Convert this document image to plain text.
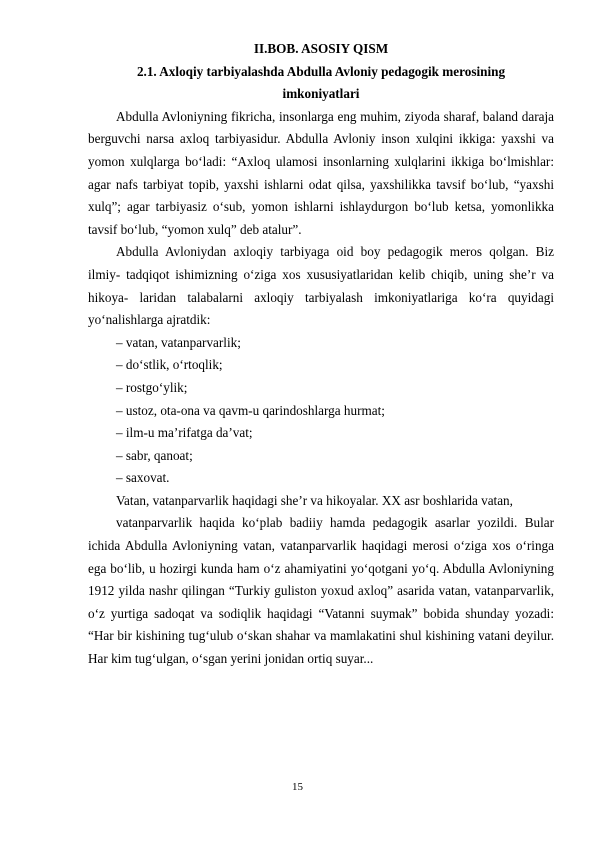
II.BOB. ASOSIY QISM
2.1. Axloqiy tarbiyalashda Abdulla Avloniy pedagogik merosining
imkoniyatlari

Abdulla Avloniyning fikricha, insonlarga eng muhim, ziyoda sharaf, baland daraja berguvchi narsa axloq tarbiyasidur. Abdulla Avloniy inson xulqini ikkiga: yaxshi va yomon xulqlarga bo‘ladi: “Axloq ulamosi insonlarning xulqlarini ikkiga bo‘lmishlar: agar nafs tarbiyat topib, yaxshi ishlarni odat qilsa, yaxshilikka tavsif bo‘lub, “yaxshi xulq”; agar tarbiyasiz o‘sub, yomon ishlarni ishlaydurgon bo‘lub ketsa, yomonlikka tavsif bo‘lub, “yomon xulq” deb atalur”.

Abdulla Avloniydan axloqiy tarbiyaga oid boy pedagogik meros qolgan. Biz ilmiy- tadqiqot ishimizning o‘ziga xos xususiyatlaridan kelib chiqib, uning she’r va hikoya- laridan talabalarni axloqiy tarbiyalash imkoniyatlariga ko‘ra quyidagi yo‘nalishlarga ajratdik:

– vatan, vatanparvarlik;
– do‘stlik, o‘rtoqlik;
– rostgo‘ylik;
– ustoz, ota-ona va qavm-u qarindoshlarga hurmat;
– ilm-u ma’rifatga da’vat;
– sabr, qanoat;
– saxovat.

Vatan, vatanparvarlik haqidagi she’r va hikoyalar. XX asr boshlarida vatan,

vatanparvarlik haqida ko‘plab badiiy hamda pedagogik asarlar yozildi. Bular ichida Abdulla Avloniyning vatan, vatanparvarlik haqidagi merosi o‘ziga xos o‘ringa ega bo‘lib, u hozirgi kunda ham o‘z ahamiyatini yo‘qotgani yo‘q. Abdulla Avloniyning 1912 yilda nashr qilingan “Turkiy guliston yoxud axloq” asarida vatan, vatanparvarlik, o‘z yurtiga sadoqat va sodiqlik haqidagi “Vatanni suymak” bobida shunday yozadi: “Har bir kishining tug‘ulub o‘skan shahar va mamlakatini shul kishining vatani deyilur. Har kim tug‘ulgan, o‘sgan yerini jonidan ortiq suyar...

15
